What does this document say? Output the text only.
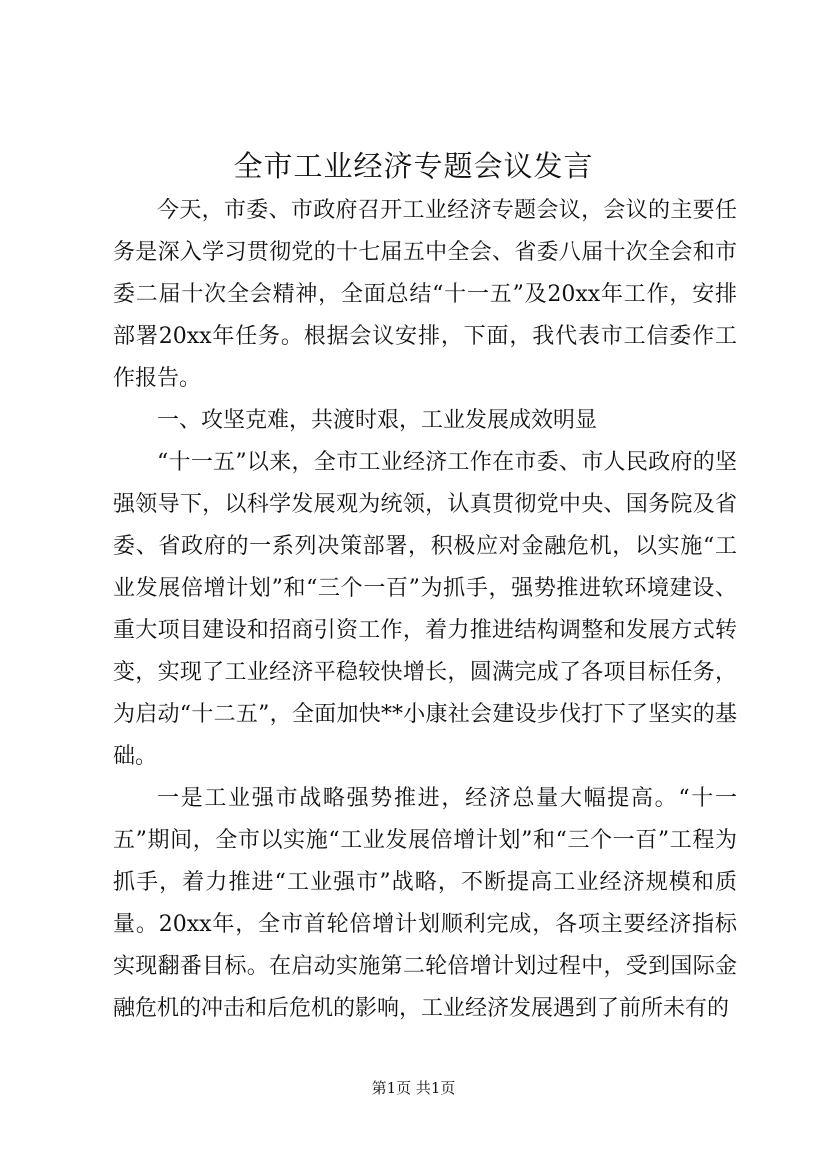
全市工业经济专题会议发言

今天，市委、市政府召开工业经济专题会议，会议的主要任务是深入学习贯彻党的十七届五中全会、省委八届十次全会和市委二届十次全会精神，全面总结“十一五”及20xx年工作，安排部署20xx年任务。根据会议安排，下面，我代表市工信委作工作报告。

一、攻坚克难，共渡时艰，工业发展成效明显

“十一五”以来，全市工业经济工作在市委、市人民政府的坚强领导下，以科学发展观为统领，认真贯彻党中央、国务院及省委、省政府的一系列决策部署，积极应对金融危机，以实施“工业发展倍增计划”和“三个一百”为抓手，强势推进软环境建设、重大项目建设和招商引资工作，着力推进结构调整和发展方式转变，实现了工业经济平稳较快增长，圆满完成了各项目标任务，为启动“十二五”，全面加快**小康社会建设步伐打下了坚实的基础。

一是工业强市战略强势推进，经济总量大幅提高。“十一五”期间，全市以实施“工业发展倍增计划”和“三个一百”工程为抓手，着力推进“工业强市”战略，不断提高工业经济规模和质量。20xx年，全市首轮倍增计划顺利完成，各项主要经济指标实现翻番目标。在启动实施第二轮倍增计划过程中，受到国际金融危机的冲击和后危机的影响，工业经济发展遇到了前所未有的

第1页 共1页
